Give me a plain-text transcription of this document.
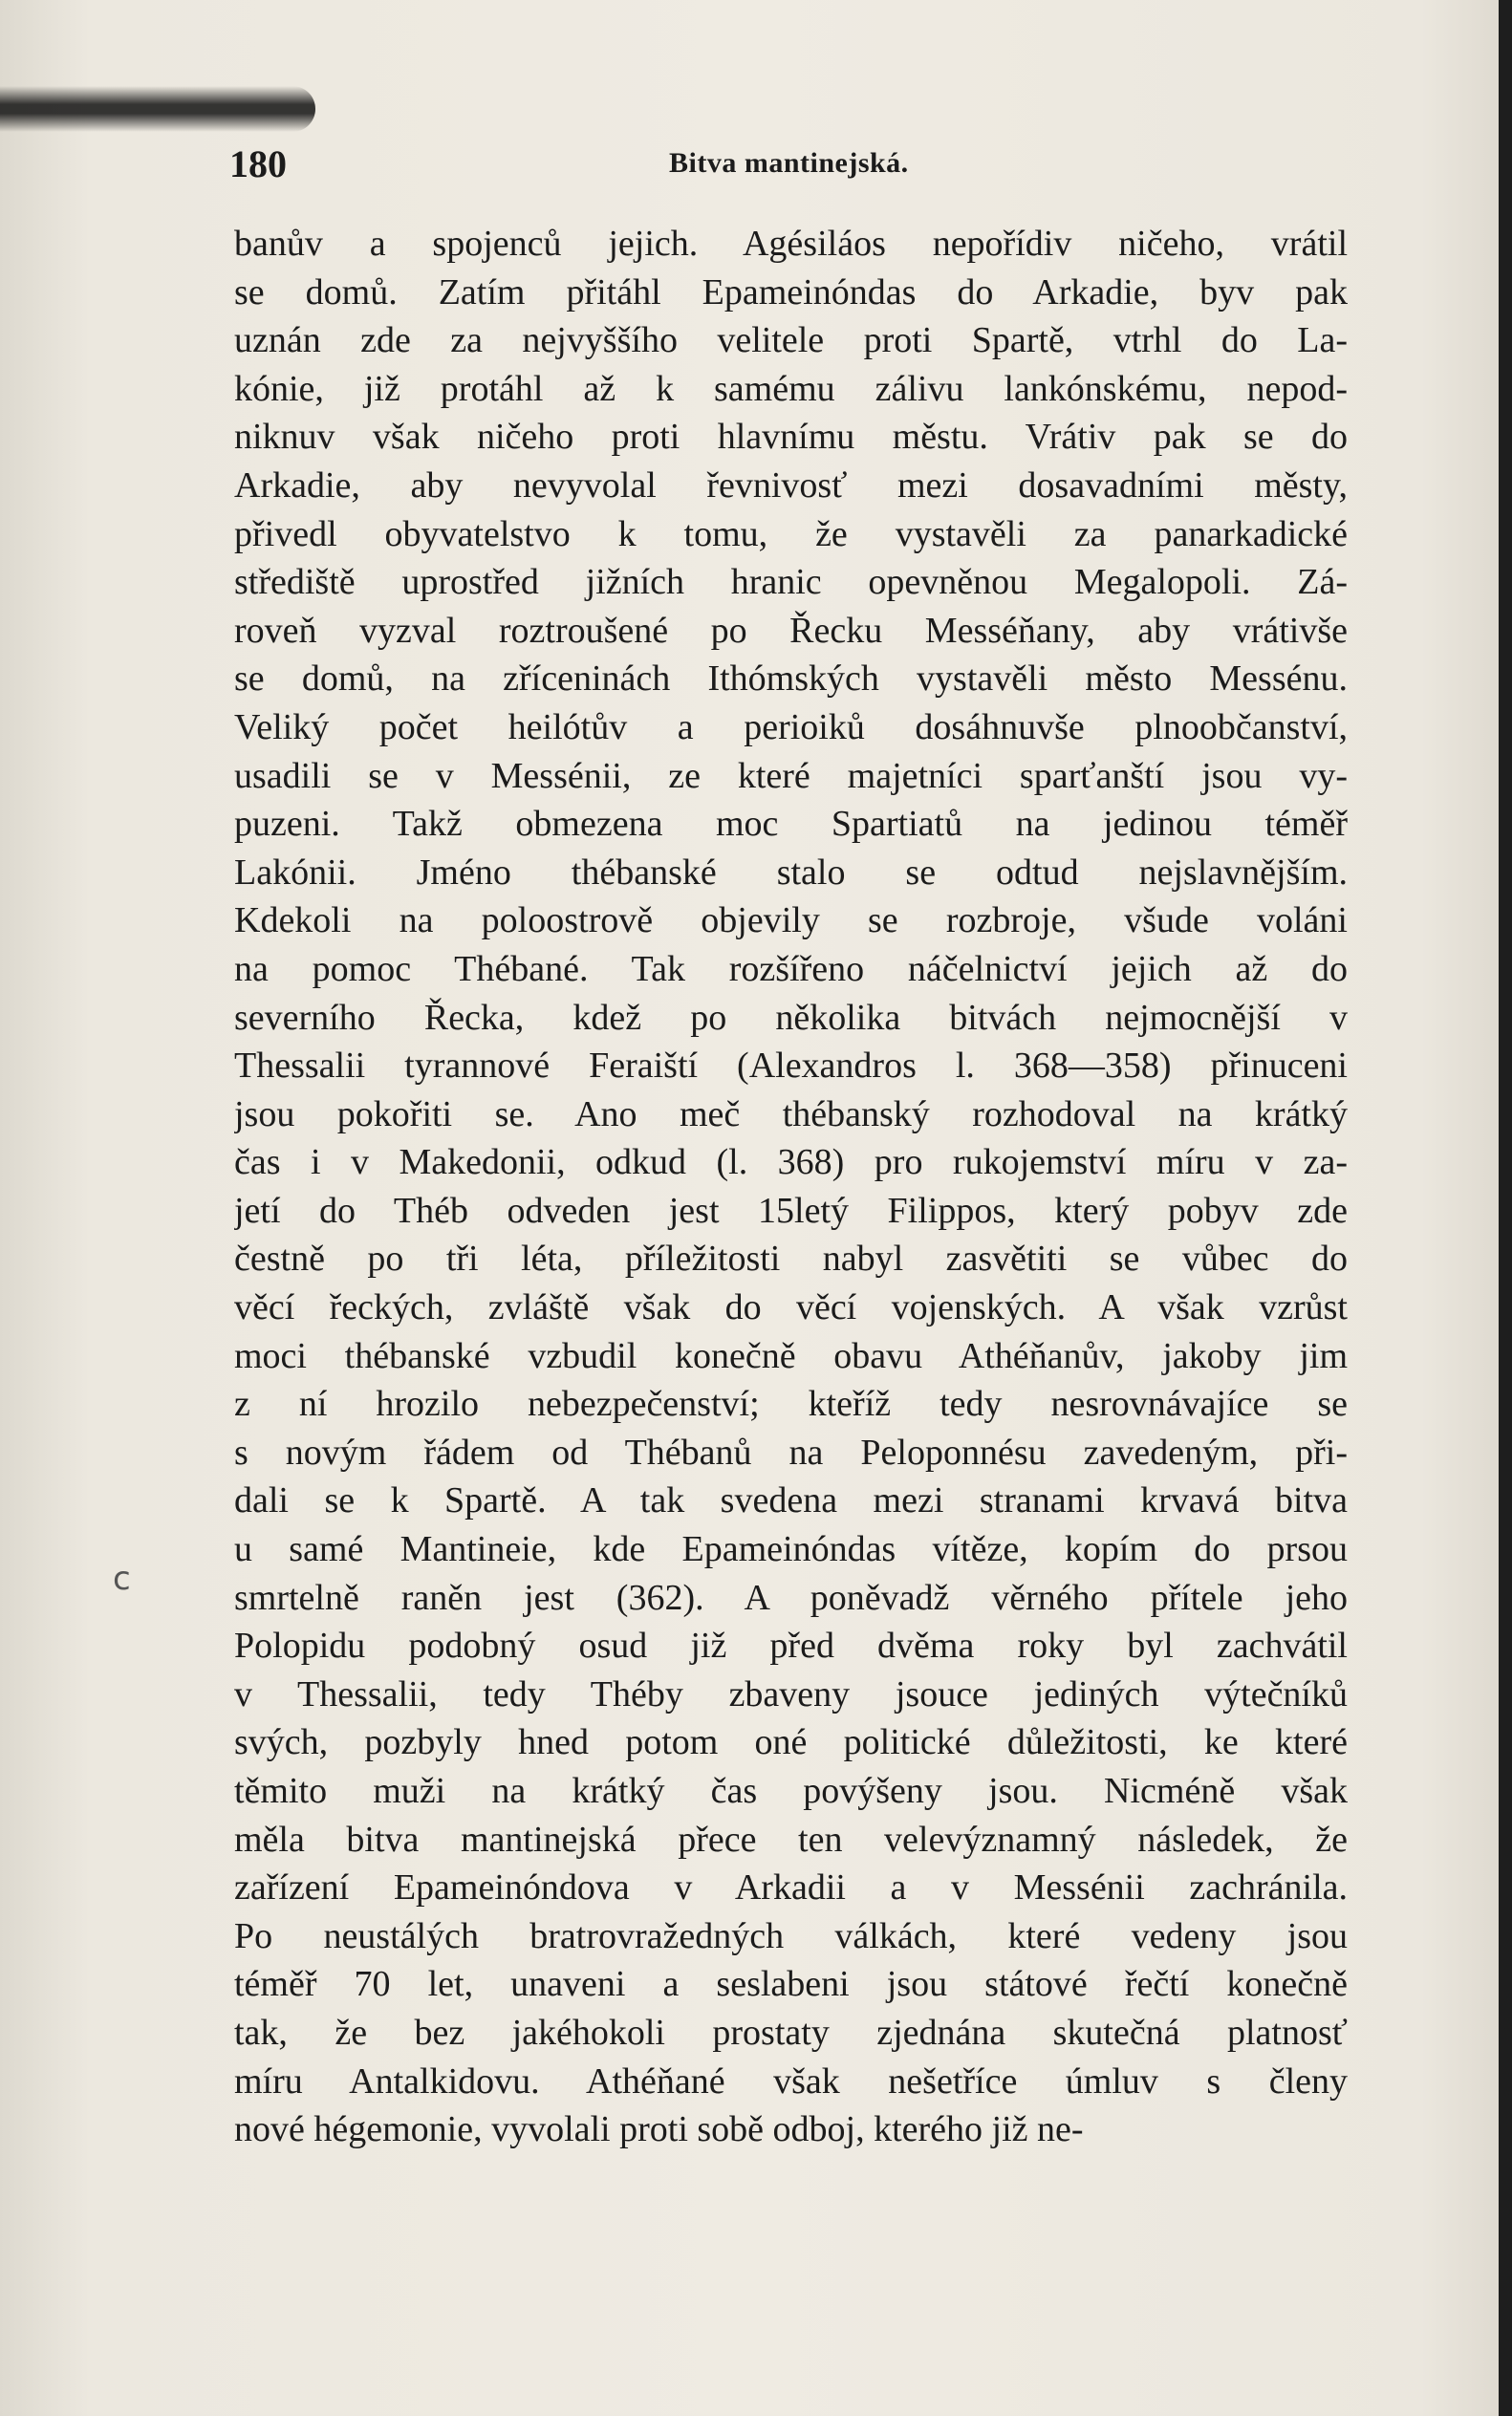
180	Bitva mantinejská.
banův a spojenců jejich. Agésiláos nepořídiv ničeho, vrátil
se domů. Zatím přitáhl Epameinóndas do Arkadie, byv pak
uznán zde za nejvyššího velitele proti Spartě, vtrhl do La-
kónie, již protáhl až k samému zálivu lankónskému, nepod-
niknuv však ničeho proti hlavnímu městu. Vrátiv pak se do
Arkadie, aby nevyvolal řevnivosť mezi dosavadními městy,
přivedl obyvatelstvo k tomu, že vystavěli za panarkadické
střediště uprostřed jižních hranic opevněnou Megalopoli. Zá-
roveň vyzval roztroušené po Řecku Messéňany, aby vrátivše
se domů, na zříceninách Ithómských vystavěli město Messénu.
Veliký počet heilótův a perioiků dosáhnuvše plnoobčanství,
usadili se v Messénii, ze které majetníci sparťanští jsou vy-
puzeni. Takž obmezena moc Spartiatů na jedinou téměř
Lakónii. Jméno thébanské stalo se odtud nejslavnějším.
Kdekoli na poloostrově objevily se rozbroje, všude voláni
na pomoc Thébané. Tak rozšířeno náčelnictví jejich až do
severního Řecka, kdež po několika bitvách nejmocnější v
Thessalii tyrannové Feraiští (Alexandros l. 368—358) přinuceni
jsou pokořiti se. Ano meč thébanský rozhodoval na krátký
čas i v Makedonii, odkud (l. 368) pro rukojemství míru v za-
jetí do Théb odveden jest 15letý Filippos, který pobyv zde
čestně po tři léta, příležitosti nabyl zasvětiti se vůbec do
věcí řeckých, zvláště však do věcí vojenských. A však vzrůst
moci thébanské vzbudil konečně obavu Athéňanův, jakoby jim
z ní hrozilo nebezpečenství; kteříž tedy nesrovnávajíce se
s novým řádem od Thébanů na Peloponnésu zavedeným, při-
dali se k Spartě. A tak svedena mezi stranami krvavá bitva
u samé Mantineie, kde Epameinóndas vítěze, kopím do prsou
smrtelně raněn jest (362). A poněvadž věrného přítele jeho
Polopidu podobný osud již před dvěma roky byl zachvátil
v Thessalii, tedy Théby zbaveny jsouce jediných výtečníků
svých, pozbyly hned potom oné politické důležitosti, ke které
těmito muži na krátký čas povýšeny jsou. Nicméně však
měla bitva mantinejská přece ten velevýznamný následek, že
zařízení Epameinóndova v Arkadii a v Messénii zachránila.
Po neustálých bratrovražedných válkách, které vedeny jsou
téměř 70 let, unaveni a seslabeni jsou státové řečtí konečně
tak, že bez jakéhokoli prostaty zjednána skutečná platnosť
míru Antalkidovu. Athéňané však nešetříce úmluv s členy
nové hégemonie, vyvolali proti sobě odboj, kterého již ne-
ⅽ
